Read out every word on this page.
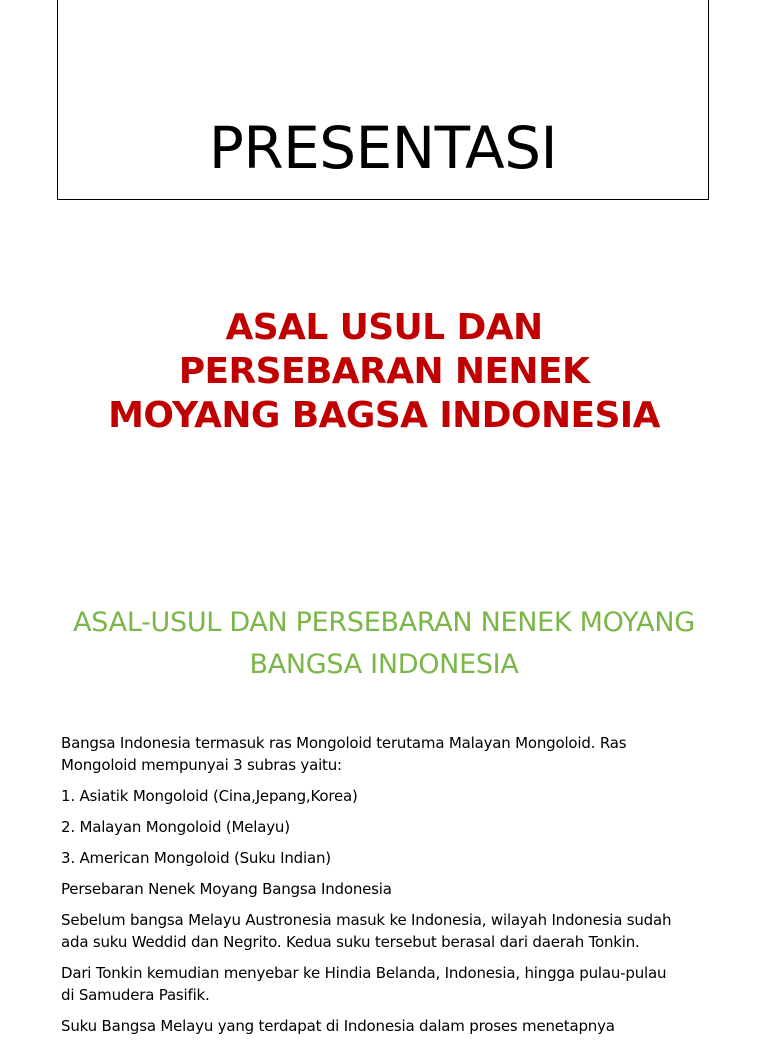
PRESENTASI
ASAL USUL DAN
PERSEBARAN NENEK
MOYANG BAGSA INDONESIA
ASAL-USUL DAN PERSEBARAN NENEK MOYANG
BANGSA INDONESIA

Bangsa Indonesia termasuk ras Mongoloid terutama Malayan Mongoloid. Ras
Mongoloid mempunyai 3 subras yaitu:

1. Asiatik Mongoloid (Cina,Jepang,Korea)

2. Malayan Mongoloid (Melayu)

3. American Mongoloid (Suku Indian)

Persebaran Nenek Moyang Bangsa Indonesia

Sebelum bangsa Melayu Austronesia masuk ke Indonesia, wilayah Indonesia sudah
ada suku Weddid dan Negrito. Kedua suku tersebut berasal dari daerah Tonkin.

Dari Tonkin kemudian menyebar ke Hindia Belanda, Indonesia, hingga pulau-pulau
di Samudera Pasifik.

Suku Bangsa Melayu yang terdapat di Indonesia dalam proses menetapnya
